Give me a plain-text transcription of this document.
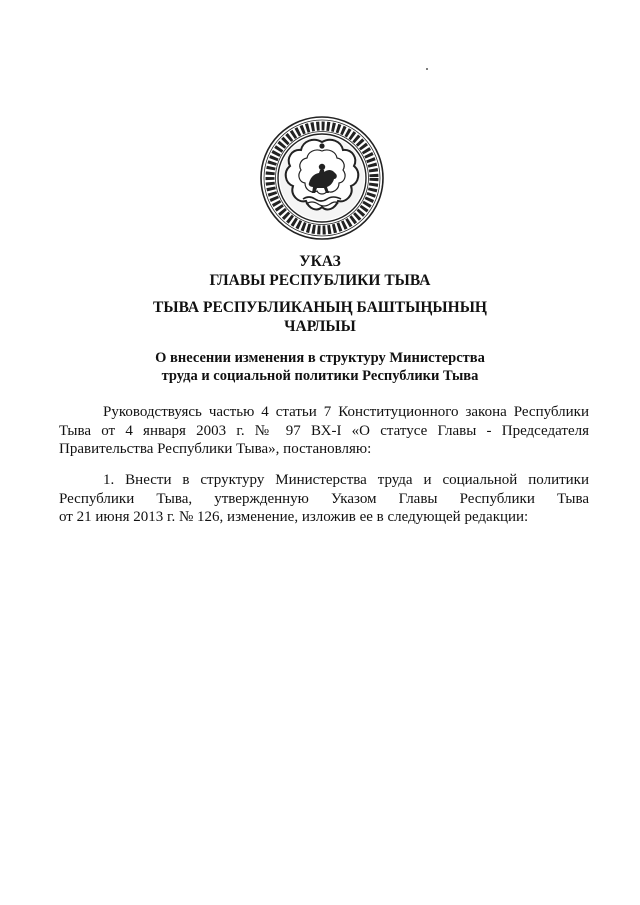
УКАЗ
ГЛАВЫ РЕСПУБЛИКИ ТЫВА
ТЫВА РЕСПУБЛИКАНЫҢ БАШТЫҢЫНЫҢ
ЧАРЛЫЫ
О внесении изменения в структуру Министерства
труда и социальной политики Республики Тыва
Руководствуясь частью 4 статьи 7 Конституционного закона Республики
Тыва от 4 января 2003 г. № 97 ВХ-I «О статусе Главы - Председателя
Правительства Республики Тыва», постановляю:
1. Внести в структуру Министерства труда и социальной политики
Республики Тыва, утвержденную Указом Главы Республики Тыва
от 21 июня 2013 г. № 126, изменение, изложив ее в следующей редакции:
